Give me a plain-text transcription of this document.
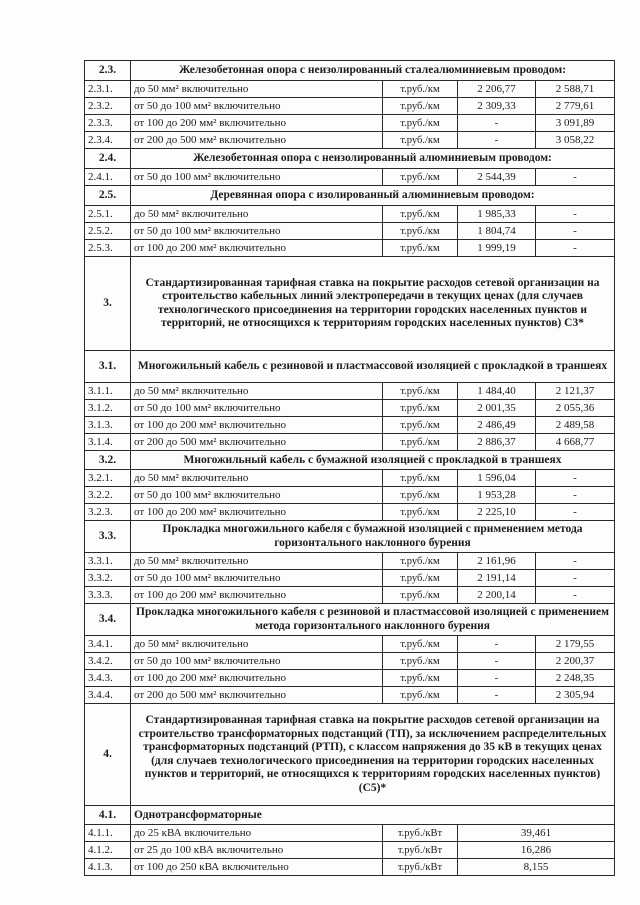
2.3.	Железобетонная опора с неизолированный сталеалюминиевым проводом:			
2.3.1.	до 50 мм² включительно	т.руб./км	2 206,77	2 588,71
2.3.2.	от 50 до 100 мм² включительно	т.руб./км	2 309,33	2 779,61
2.3.3.	от 100 до 200 мм² включительно	т.руб./км	-	3 091,89
2.3.4.	от 200 до 500 мм² включительно	т.руб./км	-	3 058,22
2.4.	Железобетонная опора с неизолированный алюминиевым проводом:			
2.4.1.	от 50 до 100 мм² включительно	т.руб./км	2 544,39	-
2.5.	Деревянная опора с изолированный алюминиевым проводом:			
2.5.1.	до 50 мм² включительно	т.руб./км	1 985,33	-
2.5.2.	от 50 до 100 мм² включительно	т.руб./км	1 804,74	-
2.5.3.	от 100 до 200 мм² включительно	т.руб./км	1 999,19	-
3.	Стандартизированная тарифная ставка на покрытие расходов сетевой организации на строительство кабельных линий электропередачи в текущих ценах (для случаев технологического присоединения на территории городских населенных пунктов и территорий, не относящихся к территориям городских населенных пунктов) С3*			
3.1.	Многожильный кабель с резиновой и пластмассовой изоляцией с прокладкой в траншеях			
3.1.1.	до 50 мм² включительно	т.руб./км	1 484,40	2 121,37
3.1.2.	от 50 до 100 мм² включительно	т.руб./км	2 001,35	2 055,36
3.1.3.	от 100 до 200 мм² включительно	т.руб./км	2 486,49	2 489,58
3.1.4.	от 200 до 500 мм² включительно	т.руб./км	2 886,37	4 668,77
3.2.	Многожильный кабель с бумажной изоляцией с прокладкой в траншеях			
3.2.1.	до 50 мм² включительно	т.руб./км	1 596,04	-
3.2.2.	от 50 до 100 мм² включительно	т.руб./км	1 953,28	-
3.2.3.	от 100 до 200 мм² включительно	т.руб./км	2 225,10	-
3.3.	Прокладка многожильного кабеля с бумажной изоляцией с применением метода горизонтального наклонного бурения			
3.3.1.	до 50 мм² включительно	т.руб./км	2 161,96	-
3.3.2.	от 50 до 100 мм² включительно	т.руб./км	2 191,14	-
3.3.3.	от 100 до 200 мм² включительно	т.руб./км	2 200,14	-
3.4.	Прокладка многожильного кабеля с резиновой и пластмассовой изоляцией с применением метода горизонтального наклонного бурения			
3.4.1.	до 50 мм² включительно	т.руб./км	-	2 179,55
3.4.2.	от 50 до 100 мм² включительно	т.руб./км	-	2 200,37
3.4.3.	от 100 до 200 мм² включительно	т.руб./км	-	2 248,35
3.4.4.	от 200 до 500 мм² включительно	т.руб./км	-	2 305,94
4.	Стандартизированная тарифная ставка на покрытие расходов сетевой организации на строительство трансформаторных подстанций (ТП), за исключением распределительных трансформаторных подстанций (РТП), с классом напряжения до 35 кВ в текущих ценах (для случаев технологического присоединения на территории городских населенных пунктов и территорий, не относящихся к территориям городских населенных пунктов) (С5)*			
4.1.	Однотрансформаторные			
4.1.1.	до 25 кВА включительно	т.руб./кВт	39,461	
4.1.2.	от 25 до 100 кВА включительно	т.руб./кВт	16,286	
4.1.3.	от 100 до 250 кВА включительно	т.руб./кВт	8,155	
